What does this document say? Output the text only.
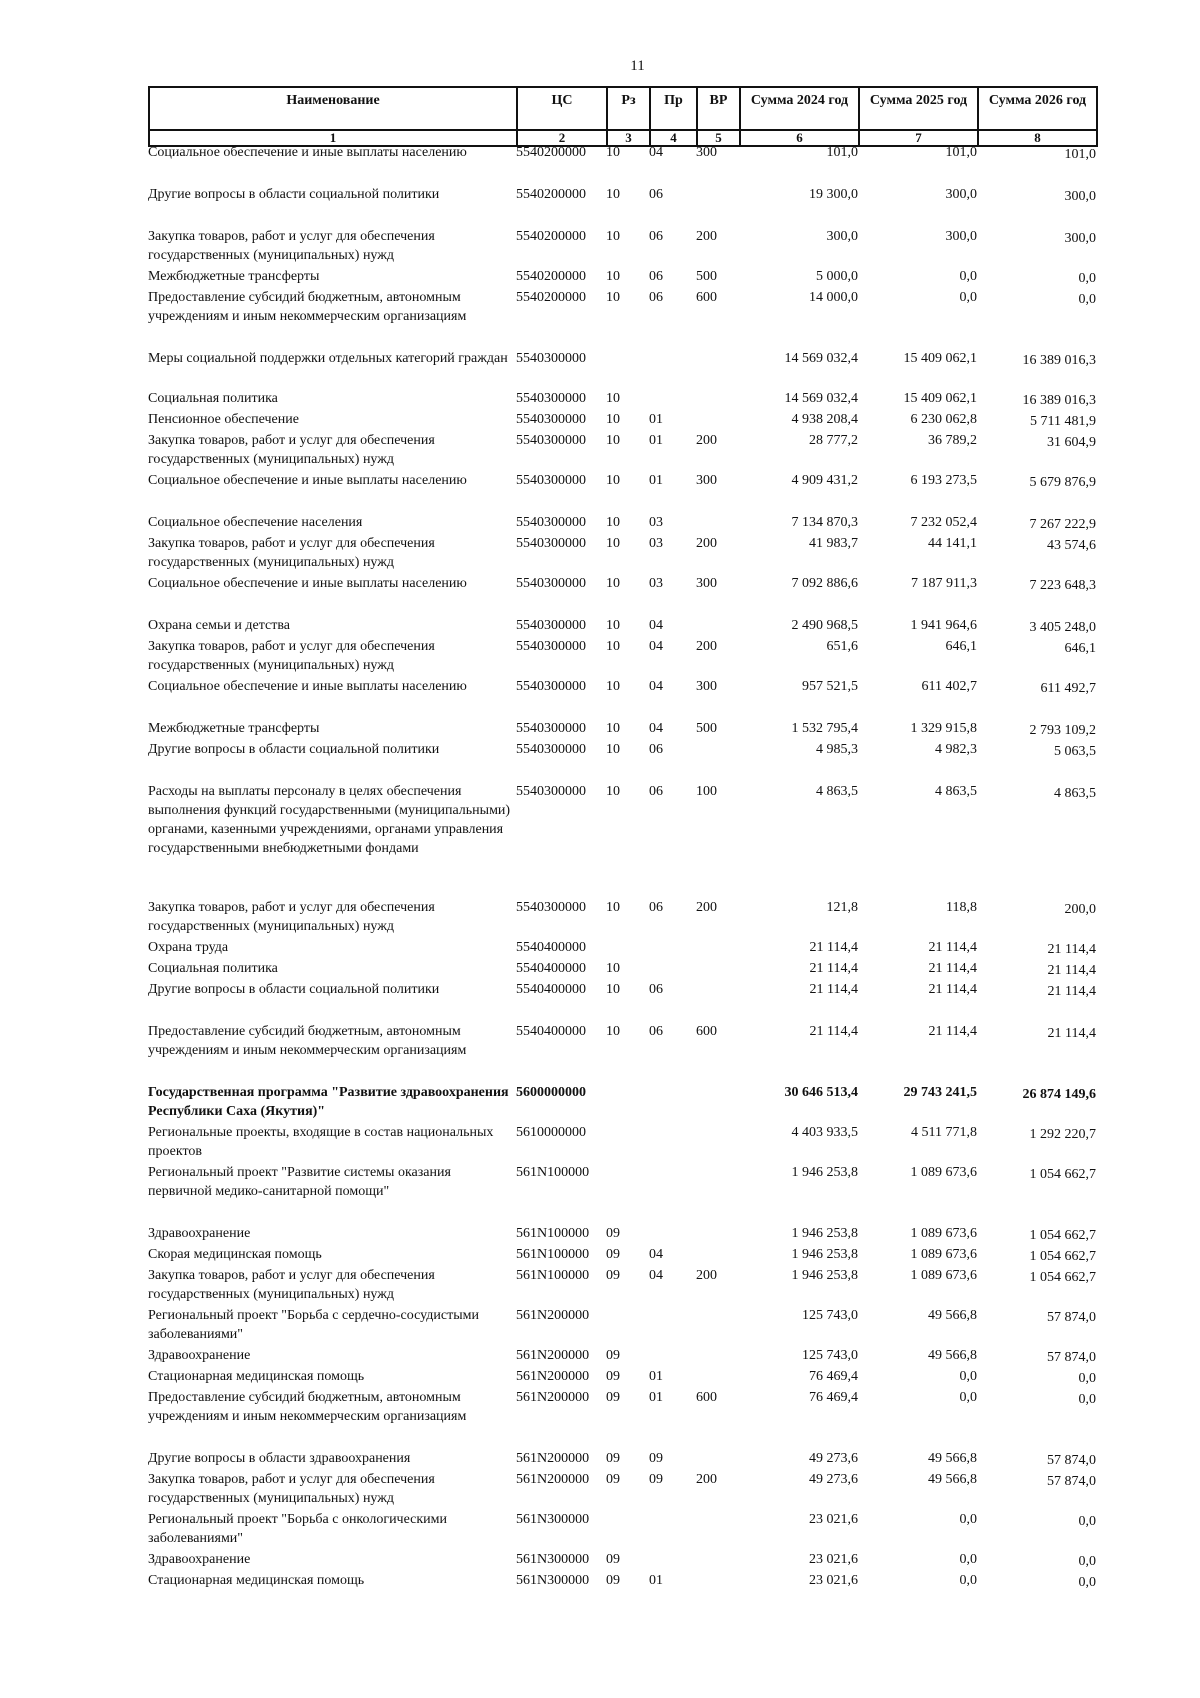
11
Наименование	ЦС	Рз	Пр	ВР	Сумма 2024 год	Сумма 2025 год	Сумма 2026 год
1	2	3	4	5	6	7	8
Социальное обеспечение и иные выплаты населению	5540200000	10	04	300	101,0	101,0	101,0
Другие вопросы в области социальной политики	5540200000	10	06		19 300,0	300,0	300,0
Закупка товаров, работ и услуг для обеспечения государственных (муниципальных) нужд	5540200000	10	06	200	300,0	300,0	300,0
Межбюджетные трансферты	5540200000	10	06	500	5 000,0	0,0	0,0
Предоставление субсидий бюджетным, автономным учреждениям и иным некоммерческим организациям	5540200000	10	06	600	14 000,0	0,0	0,0
Меры социальной поддержки отдельных категорий граждан	5540300000				14 569 032,4	15 409 062,1	16 389 016,3
Социальная политика	5540300000	10			14 569 032,4	15 409 062,1	16 389 016,3
Пенсионное обеспечение	5540300000	10	01		4 938 208,4	6 230 062,8	5 711 481,9
Закупка товаров, работ и услуг для обеспечения государственных (муниципальных) нужд	5540300000	10	01	200	28 777,2	36 789,2	31 604,9
Социальное обеспечение и иные выплаты населению	5540300000	10	01	300	4 909 431,2	6 193 273,5	5 679 876,9
Социальное обеспечение населения	5540300000	10	03		7 134 870,3	7 232 052,4	7 267 222,9
Закупка товаров, работ и услуг для обеспечения государственных (муниципальных) нужд	5540300000	10	03	200	41 983,7	44 141,1	43 574,6
Социальное обеспечение и иные выплаты населению	5540300000	10	03	300	7 092 886,6	7 187 911,3	7 223 648,3
Охрана семьи и детства	5540300000	10	04		2 490 968,5	1 941 964,6	3 405 248,0
Закупка товаров, работ и услуг для обеспечения государственных (муниципальных) нужд	5540300000	10	04	200	651,6	646,1	646,1
Социальное обеспечение и иные выплаты населению	5540300000	10	04	300	957 521,5	611 402,7	611 492,7
Межбюджетные трансферты	5540300000	10	04	500	1 532 795,4	1 329 915,8	2 793 109,2
Другие вопросы в области социальной политики	5540300000	10	06		4 985,3	4 982,3	5 063,5
Расходы на выплаты персоналу в целях обеспечения выполнения функций государственными (муниципальными) органами, казенными учреждениями, органами управления государственными внебюджетными фондами	5540300000	10	06	100	4 863,5	4 863,5	4 863,5
Закупка товаров, работ и услуг для обеспечения государственных (муниципальных) нужд	5540300000	10	06	200	121,8	118,8	200,0
Охрана труда	5540400000				21 114,4	21 114,4	21 114,4
Социальная политика	5540400000	10			21 114,4	21 114,4	21 114,4
Другие вопросы в области социальной политики	5540400000	10	06		21 114,4	21 114,4	21 114,4
Предоставление субсидий бюджетным, автономным учреждениям и иным некоммерческим организациям	5540400000	10	06	600	21 114,4	21 114,4	21 114,4
Государственная программа "Развитие здравоохранения Республики Саха (Якутия)"	5600000000				30 646 513,4	29 743 241,5	26 874 149,6
Региональные проекты, входящие в состав национальных проектов	5610000000				4 403 933,5	4 511 771,8	1 292 220,7
Региональный проект "Развитие системы оказания первичной медико-санитарной помощи"	561N100000				1 946 253,8	1 089 673,6	1 054 662,7
Здравоохранение	561N100000	09			1 946 253,8	1 089 673,6	1 054 662,7
Скорая медицинская помощь	561N100000	09	04		1 946 253,8	1 089 673,6	1 054 662,7
Закупка товаров, работ и услуг для обеспечения государственных (муниципальных) нужд	561N100000	09	04	200	1 946 253,8	1 089 673,6	1 054 662,7
Региональный проект "Борьба с сердечно-сосудистыми заболеваниями"	561N200000				125 743,0	49 566,8	57 874,0
Здравоохранение	561N200000	09			125 743,0	49 566,8	57 874,0
Стационарная медицинская помощь	561N200000	09	01		76 469,4	0,0	0,0
Предоставление субсидий бюджетным, автономным учреждениям и иным некоммерческим организациям	561N200000	09	01	600	76 469,4	0,0	0,0
Другие вопросы в области здравоохранения	561N200000	09	09		49 273,6	49 566,8	57 874,0
Закупка товаров, работ и услуг для обеспечения государственных (муниципальных) нужд	561N200000	09	09	200	49 273,6	49 566,8	57 874,0
Региональный проект "Борьба с онкологическими заболеваниями"	561N300000				23 021,6	0,0	0,0
Здравоохранение	561N300000	09			23 021,6	0,0	0,0
Стационарная медицинская помощь	561N300000	09	01		23 021,6	0,0	0,0
